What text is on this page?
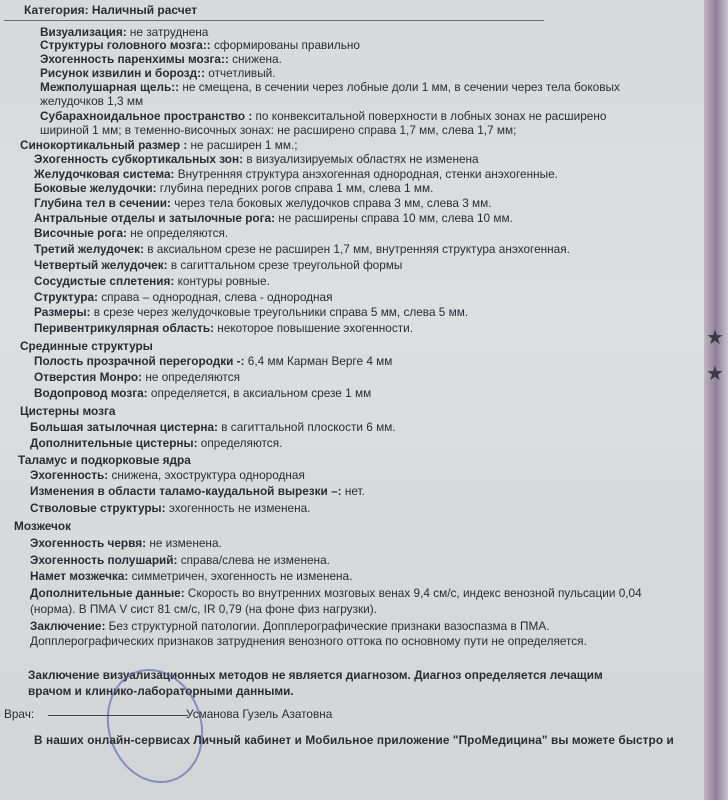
Категория: Наличный расчет
Визуализация: не затруднена
Структуры головного мозга:: сформированы правильно
Эхогенность паренхимы мозга:: снижена.
Рисунок извилин и борозд:: отчетливый.
Межполушарная щель:: не смещена, в сечении через лобные доли 1 мм, в сечении через тела боковых
желудочков 1,3 мм
Субарахноидальное пространство : по конвекситальной поверхности в лобных зонах не расширено
шириной 1 мм; в теменно-височных зонах: не расширено справа 1,7 мм, слева 1,7 мм;
Синокортикальный размер : не расширен 1 мм.;
Эхогенность субкортикальных зон: в визуализируемых областях не изменена
Желудочковая система: Внутренняя структура анэхогенная однородная, стенки анэхогенные.
Боковые желудочки: глубина передних рогов справа 1 мм, слева 1 мм.
Глубина тел в сечении: через тела боковых желудочков справа 3 мм, слева 3 мм.
Антральные отделы и затылочные рога: не расширены справа 10 мм, слева 10 мм.
Височные рога: не определяются.
Третий желудочек: в аксиальном срезе не расширен 1,7 мм, внутренняя структура анэхогенная.
Четвертый желудочек: в сагиттальном срезе треугольной формы
Сосудистые сплетения: контуры ровные.
Структура: справа – однородная, слева - однородная
Размеры: в срезе через желудочковые треугольники справа 5 мм, слева 5 мм.
Перивентрикулярная область: некоторое повышение эхогенности.
Срединные структуры
Полость прозрачной перегородки -: 6,4 мм Карман Верге 4 мм
Отверстия Монро: не определяются
Водопровод мозга: определяется, в аксиальном срезе 1 мм
Цистерны мозга
Большая затылочная цистерна: в сагиттальной плоскости 6 мм.
Дополнительные цистерны: определяются.
Таламус и подкорковые ядра
Эхогенность: снижена, эхоструктура однородная
Изменения в области таламо-каудальной вырезки –: нет.
Стволовые структуры: эхогенность не изменена.
Мозжечок
Эхогенность червя: не изменена.
Эхогенность полушарий: справа/слева не изменена.
Намет мозжечка: симметричен, эхогенность не изменена.
Дополнительные данные: Скорость во внутренних мозговых венах 9,4 см/с, индекс венозной пульсации 0,04
(норма). В ПМА V сист 81 см/с, IR 0,79 (на фоне физ нагрузки).
Заключение: Без структурной патологии. Допплерографические признаки вазоспазма в ПМА.
Допплерографических признаков затруднения венозного оттока по основному пути не определяется.
Заключение визуализационных методов не является диагнозом. Диагноз определяется лечащим
врачом и клинико-лабораторными данными.
Врач:	Усманова Гузель Азатовна
В наших онлайн-сервисах Личный кабинет и Мобильное приложение "ПроМедицина" вы можете быстро и
★
★
